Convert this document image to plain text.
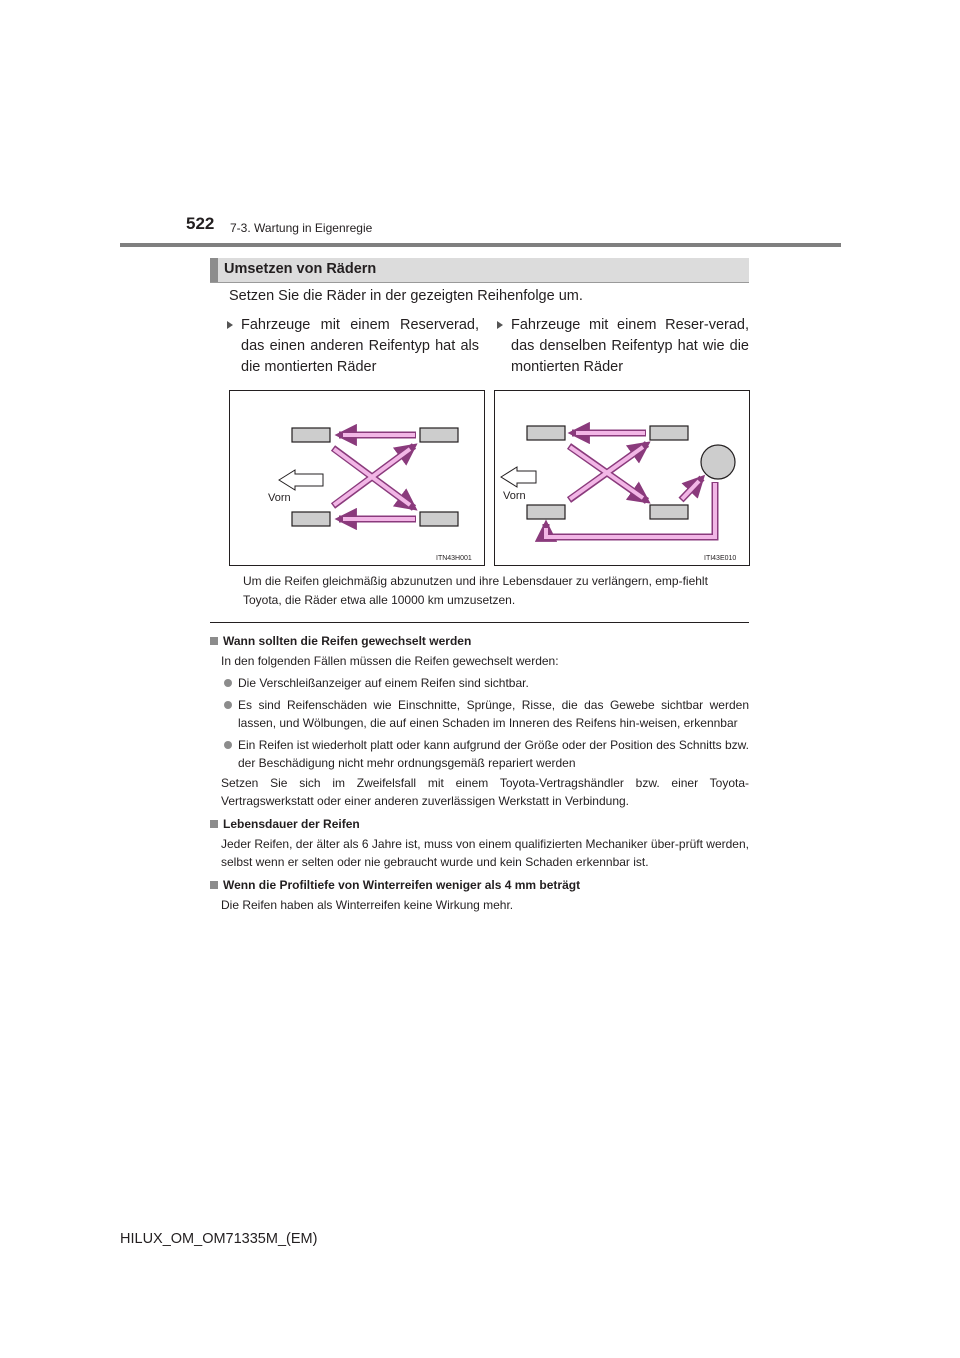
522 7-3. Wartung in Eigenregie
Umsetzen von Rädern
Setzen Sie die Räder in der gezeigten Reihenfolge um.
Fahrzeuge mit einem Reserverad, das einen anderen Reifentyp hat als die montierten Räder
Fahrzeuge mit einem Reser-verad, das denselben Reifentyp hat wie die montierten Räder
Vorn
ITN43H001
Vorn
ITI43E010
Um die Reifen gleichmäßig abzunutzen und ihre Lebensdauer zu verlängern, emp-fiehlt Toyota, die Räder etwa alle 10000 km umzusetzen.
Wann sollten die Reifen gewechselt werden
In den folgenden Fällen müssen die Reifen gewechselt werden:
Die Verschleißanzeiger auf einem Reifen sind sichtbar.
Es sind Reifenschäden wie Einschnitte, Sprünge, Risse, die das Gewebe sichtbar werden lassen, und Wölbungen, die auf einen Schaden im Inneren des Reifens hin-weisen, erkennbar
Ein Reifen ist wiederholt platt oder kann aufgrund der Größe oder der Position des Schnitts bzw. der Beschädigung nicht mehr ordnungsgemäß repariert werden
Setzen Sie sich im Zweifelsfall mit einem Toyota-Vertragshändler bzw. einer Toyota-Vertragswerkstatt oder einer anderen zuverlässigen Werkstatt in Verbindung.
Lebensdauer der Reifen
Jeder Reifen, der älter als 6 Jahre ist, muss von einem qualifizierten Mechaniker über-prüft werden, selbst wenn er selten oder nie gebraucht wurde und kein Schaden erkennbar ist.
Wenn die Profiltiefe von Winterreifen weniger als 4 mm beträgt
Die Reifen haben als Winterreifen keine Wirkung mehr.
HILUX_OM_OM71335M_(EM)
